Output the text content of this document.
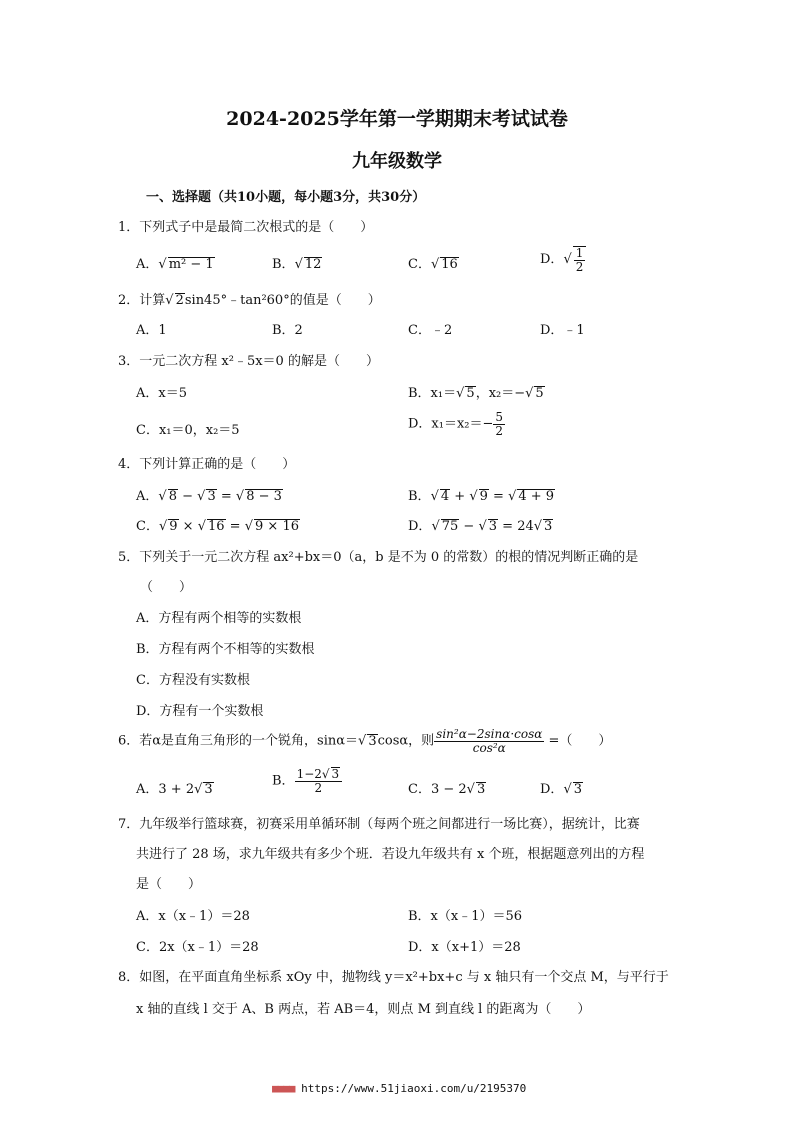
2024-2025学年第一学期期末考试试卷
九年级数学
一、选择题（共10小题，每小题3分，共30分）
1．下列式子中是最简二次根式的是（　　）
A．√ m² − 1	B．√ 12	C．√ 16	D．√ $\frac{1}{2}$
2．计算√ 2sin45°﹣tan²60°的值是（　　）
A．1	B．2	C．﹣2	D．﹣1
3．一元二次方程 x²﹣5x＝0 的解是（　　）
A．x＝5	B．x₁＝√ 5，x₂＝−√ 5
C．x₁＝0，x₂＝5	D．$x_1=x_2=- \frac{5}{2}$
4．下列计算正确的是（　　）
A．√ 8 − √ 3 = √ 8 − 3	B．√ 4 + √ 9 = √ 4 + 9
C．√ 9 × √ 16 = √ 9 × 16	D．√ 75 − √ 3 = 24√ 3
5．下列关于一元二次方程 ax²+bx＝0（a，b 是不为 0 的常数）的根的情况判断正确的是
（　　）
A．方程有两个相等的实数根
B．方程有两个不相等的实数根
C．方程没有实数根
D．方程有一个实数根
6．若α是直角三角形的一个锐角，sinα＝√ 3cosα，则 $\frac{\text{sin²α−2sinα·cosα}}{\text{cos²α}}$ =（　　）
A．3 + 2√ 3
B． $\frac{1-2√ 3}{2}$	C．3 − 2√ 3	D．√ 3
7．九年级举行篮球赛，初赛采用单循环制（每两个班之间都进行一场比赛），据统计，比赛
共进行了 28 场，求九年级共有多少个班．若设九年级共有 x 个班，根据题意列出的方程
是（　　）
A．x（x﹣1）＝28	B．x（x﹣1）＝56
C．2x（x﹣1）＝28	D．x（x+1）＝28
8．如图，在平面直角坐标系 xOy 中，抛物线 y＝x²+bx+c 与 x 轴只有一个交点 M，与平行于
x 轴的直线 l 交于 A、B 两点，若 AB＝4，则点 M 到直线 l 的距离为（　　）
■■■■ https://www.51jiaoxi.com/u/2195370
